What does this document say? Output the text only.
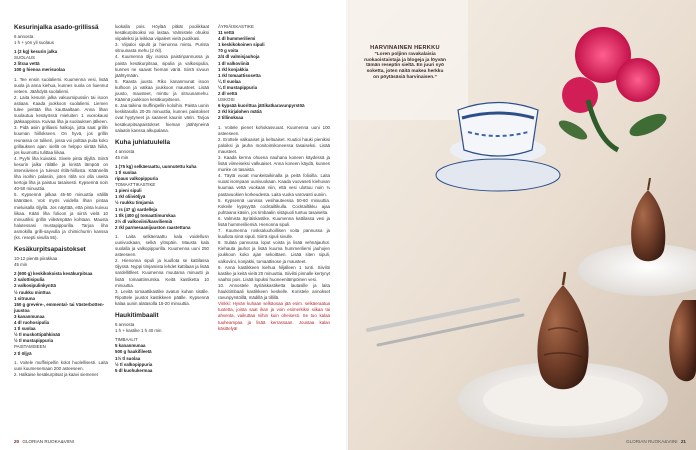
Kesurinjalka asado-grillissä
6 annosta
1 h + yön yli suolaus
1 (2 kg) kesurin jalka
SUOLAUS
2 litraa vettä
100 g hienoa merisuolaa
1. Tee ensin suolaliemi. Kuumenna vesi, lisää suola ja anna kiehua, kunnes suola on liuennut veteen. Jäähdytä suolaliemi.
2. Laita kesurin jalka vakuumipussiin tai isoon astiaan. Kaada jookkoon suolaliemi. Liemen tulee peittää liha kauttaaltaan. Anna lihan suolautua kesäyössä mieluiten 1 vuorokausi jääkaappissa. Kuivaa liha ja suolauksen jälkeen.
3. Pidä asiin grilliassi halkoja, jotta saat grillin kuuman hiillokseen. On hyvä, jos grillin reunassa on tulikeri, jossa voi polttaa puita koko grillauksen ajan: siellä on helppo siirtää hiiliä, jos kuumottu tulittaa liikaa.
4. Pyyhi liha kuivaksi. Sivele pinta öljyllä. Siirrä kesurin jalka ritilälle ja kiristä lämpöä on intensiivinen ja tulevat ritilä-hiillosta. Käännellä liha isoihin palasiin, joten ritilä voi olla useita kertoja liha ja paistuu tasaisesti. Kypsennä noin 40-50 minuuttia.
5. Kypsennä jalkaa 45-50 minuuttia välillä kääntäen. Voit myös voidella lihan pintaa mieluisalla öljyllä. Jos näyttää, että pinta kuivuu liikaa. Kääri liha folioon ja siirrä vielä 10 minuutiksi grillin viileämpään kohtaan. Mausta halutessasi mustapippurilla. Tarjoa liha asmokilla grilli-sayvulla ja chimichurrin kanssa (ks. resepti sivulla 55).
Kesäkurpitsapaistokset
10-12 pientä piirakkaa
45 min
2 (600 g) keskikokoista kesäkurpitsaa
2 salottisipulia
2 valkosipulinkynttä
½ ruukku minttua
1 sitruuna
150 g grevére-, emmental- tai Västerbotten-juustoa
3 kananmunaa
4 dl ruohosipulia
1 tl suolaa
½ tl muskottipähkinää
½ tl mustapippuria
PAISTAMISEEN
2 tl öljyä
1. Voitele muffinipellin kolot huolellisesti. Laita uuni kuumenemaan 200 asteeseen.
2. Halkaise kesäkurpitsat ja kaavi siemenet
luokalla pois. Höylää pitkät poolikkaat kesäkurpitsoiksi voi lastaa. Valmistele ohuiksi viipaleiksi ja leikkaa viipaleet vielä puolikasi.
3. Viipaloi sipulit ja hienonna mintu. Purista sitruunasta mehu (2 rkl).
4. Kuumenna öljy isossa paistinpannussa ja paista kesäkurpitsaa, sipulia ja valkosipulia, kunnes ne saavat hieman väriä. Siirrä sivuun jäähtymään.
5. Raasta juusto. Riko kananmunat isoon kulhoon ja vatkaa joukkoon mausteet. Lisää juusto, mausteet, minttu ja sitruunamehu. Käännä joukkoon kesäkurpitseos.
6. Jaa taikina muffinipellin koloihin. Paista uunin keskitasolla 20-25 minuuttia, kunnes paistokset ovat hyytyneet ja saaneet kaunin värin. Tarjoa kesäkurpitsapaistokset hieman jäähtyneinä salaatin kanssa alkupalana.
Kuha juhlatuulella
4 annosta
45 min
1 (75 kg) selkäeraattu, uunnutettu kuha
1 tl suolaa
ripaus valkopippuria
TOMAATTIKASTIKE
1 pieni sipuli
1 rkl oliiviöljyä
½ ruukku timjamia
1 rs (47 g) sardelleja
1 tlk (400 g) tomaattimurskaa
2½ dl valkoviini/kasviliemiä
2 rkl parmesaanijuuston raastettuna
1. Laita selkäeraattu kala voidellusn uunivuokaan, selkä ylöspäin. Mausta kala suolalla ja valkopippurilla. Kuumenna uuni 250 asteeseen.
2. Hienonna sipuli ja kuullota se kattilassa öljyssä. Nyppi timjamista lehdet kattilaan ja lisää sardellitlleet. Kuumenna muutama minuutti ja lisää tomaattimurska. Keitä kastiketta 10 minuuttia.
3. Levitä tomaattikastike avatun kuhan sisälle. Ripottele juustot kastikkeen päälle. Kypsennä kalaa uunin alatasolla 15-20 minuuttia.
Haukitimbaalit
6 annosta
1 h + kastike 1 h 40 min
TIMBAALIT
5 kananmunaa
500 g haukifileetä
1½ tl suolaa
½ tl valkopippuria
5 dl kuohukermaa
ÄYRIÄISKASTIKE
11 vettä
4 dl hummeriliemi
1 keskikokoinen sipuli
70 g voita
2/4 dl valmisjauhoja
1 dl valkoviiniä
1 rkl konjakkia
1 rkl tomaattisosetta
¼ tl suolaa
¼ tl mustapippuria
2 dl vettä
USKOSI
6 kypsää kuorittua jättikatkaravunpyrstöä
2 rkl kirjalohen mätiä
2 tillinoksaa
1. Voitele pienet kohokasvuoat. Kuumenna uuni 100 asteeseen.
2. Erottele valkuaiset ja keltuaiset. Kuutioi hauki pienikisi paloiksi ja jauha monitoimikoneessa tasaiseksi. Lisää mausteet.
3. Kaada kerma ohuena nauhana koneen käydessä ja lisää viimeiseksi valkuaiset. Anna koneen käydä, kunnes munke on tasaista.
4. Täytä vuoat munkeitaikinalla ja peitä folioilla. Laita vuoat isompaan uunivuokaan. Kaada vuovaseti kiehuvan kuumaa vettä vuokaan niin, että vesi ulottuu noin ¾ pastavuokien korkeudesta. Laita vuoka varovasti uuniin.
5. Kypsennä uunissa vesihauteessa 50-60 minuuttia. Kokeile kypsyyttä cocktailtikulla. Cocktailtikku ajaa puhtaana käsiin, jos timbaalin sisäpuoli tuntuu tasaiselta.
6. Valmista äyriäiskastike. Kuumenna kattilassa vesi ja lisää hummeriliemiä. Hienonna sipuli.
7. Kuumenna rosksaluuhoillisen voita pannussa ja kuullota siinä sipuli. Siirrä sipuli sivulle.
8. Sulata pannussa loput voista ja lisää vehnäjauhot. Kiehauta jauhot ja lisää kuuma hummeriliemi jauhojen joukkoon koko ajan sekoittaen. Lisää siten sipuli, valkoviini, konjakki, tomaattisose ja mausteet.
9. Anna kastikkeen kiehua hiljalleen 1 tunti. Siivilöi kastike ja keitä vielä 20 minuuttia. Siivilöi pinnalle kertynyt vaahto pois. Lisää lopuksi huoneenlämpöinen vesi.
10. Annostele äyriäiskastiketta lautasille ja laita haukitimbaali kastikkeen keskelle. Koristele annokset ravunpyrstöillä, mädillä ja tillillä.
Vinkki: Hyvän kuhaan selkäosaa jää esim. selkäeraatua tuotetta, joista saat ikan ja voin esimerkiksi siikaa tai ahventa, vaikuttaa niihin kuin oheisesti. Se tuo kalaa tuuheampaa ja lisää kerrassaan. Joustaa kalan käsittelyä!
20 GLORIAN RUOKA&VIINI
HARVINAINEN HERKKU
”Loren poljinn ravakalaisia ruokaoistaistaja ja blogeja ja löyvän tämän reseptin sieltä. En juuri syö soketta, joten näitä makea herkku on pöytäsäsiä harvinaisen.”
GLORIAN RUOKA&VIINI 21
